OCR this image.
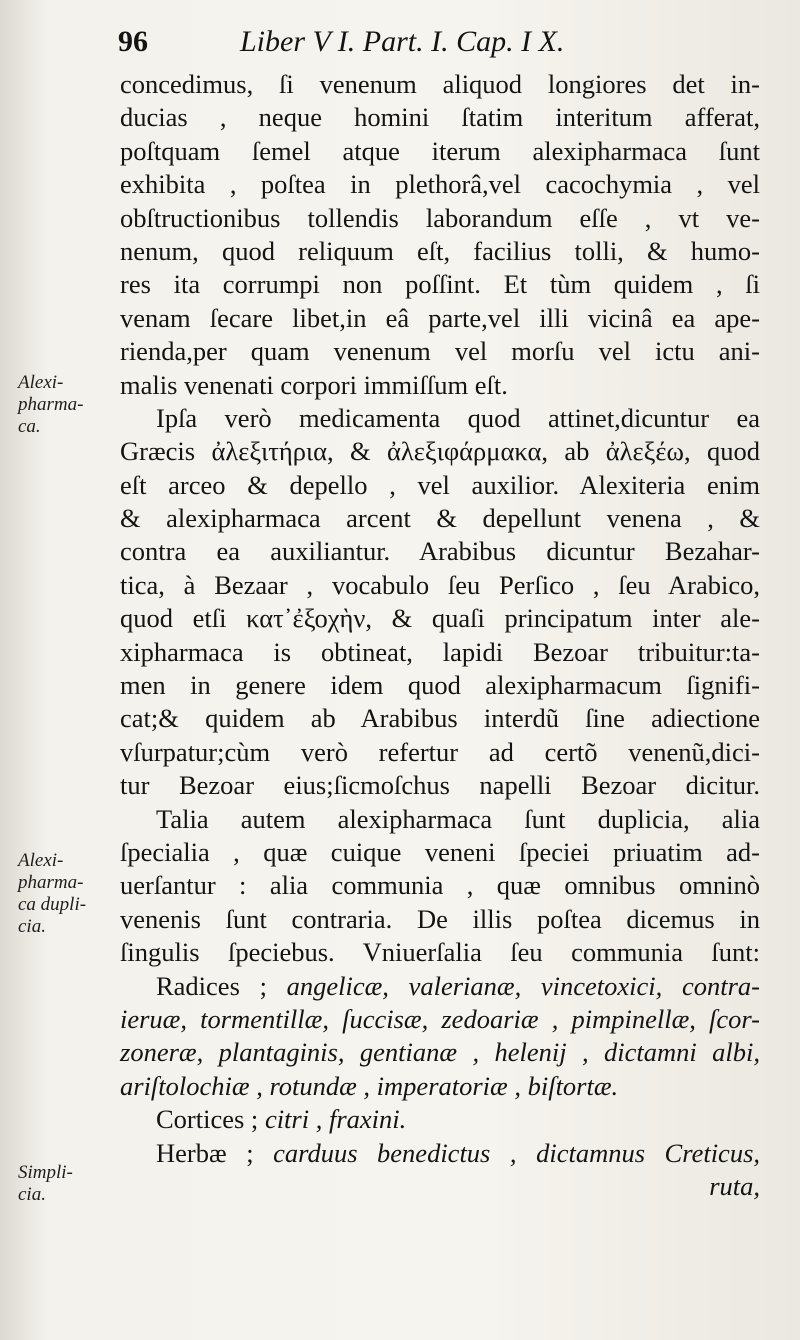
96	Liber V I. Part. I. Cap. I X.
Alexi-
pharma-
ca.
Alexi-
pharma-
ca dupli-
cia.
Simpli-
cia.
concedimus, ſi venenum aliquod longiores det in-
ducias , neque homini ſtatim interitum afferat,
poſtquam ſemel atque iterum alexipharmaca ſunt
exhibita , poſtea in plethorâ,vel cacochymia , vel
obſtructionibus tollendis laborandum eſſe , vt ve-
nenum, quod reliquum eſt, facilius tolli, & humo-
res ita corrumpi non poſſint. Et tùm quidem , ſi
venam ſecare libet,in eâ parte,vel illi vicinâ ea ape-
rienda,per quam venenum vel morſu vel ictu ani-
malis venenati corpori immiſſum eſt.
Ipſa verò medicamenta quod attinet,dicuntur ea
Græcis ἀλεξιτήρια, & ἀλεξιφάρμακα, ab ἀλεξέω, quod
eſt arceo & depello , vel auxilior. Alexiteria enim
& alexipharmaca arcent & depellunt venena , &
contra ea auxiliantur. Arabibus dicuntur Bezahar-
tica, à Bezaar , vocabulo ſeu Perſico , ſeu Arabico,
quod etſi κατ᾽ἐξοχὴν, & quaſi principatum inter ale-
xipharmaca is obtineat, lapidi Bezoar tribuitur:ta-
men in genere idem quod alexipharmacum ſignifi-
cat;& quidem ab Arabibus interdũ ſine adiectione
vſurpatur;cùm verò refertur ad certõ venenũ,dici-
tur Bezoar eius;ſicmoſchus napelli Bezoar dicitur.
Talia autem alexipharmaca ſunt duplicia, alia
ſpecialia , quæ cuique veneni ſpeciei priuatim ad-
uerſantur : alia communia , quæ omnibus omninò
venenis ſunt contraria. De illis poſtea dicemus in
ſingulis ſpeciebus. Vniuerſalia ſeu communia ſunt:
Radices ; angelicæ, valerianæ, vincetoxici, contra-
ieruæ, tormentillæ, ſuccisæ, zedoariæ , pimpinellæ, ſcor-
zoneræ, plantaginis, gentianæ , helenij , dictamni albi,
ariſtolochiæ , rotundæ , imperatoriæ , biſtortæ.
Cortices ; citri , fraxini.
Herbæ ; carduus benedictus , dictamnus Creticus,
ruta,
